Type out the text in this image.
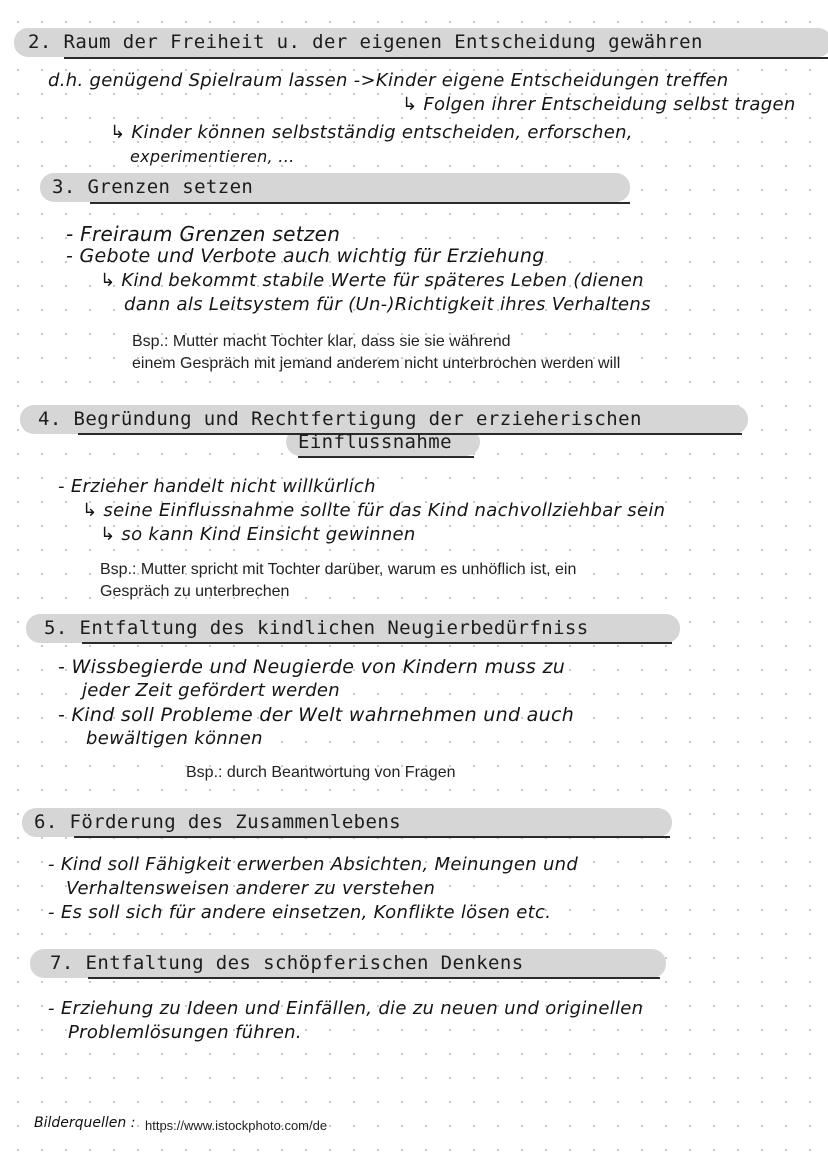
2. Raum der Freiheit u. der eigenen Entscheidung gewähren
d.h. genügend Spielraum lassen ->Kinder eigene Entscheidungen treffen
↳ Folgen ihrer Entscheidung selbst tragen
↳ Kinder können selbstständig entscheiden, erforschen,
experimentieren, ...
3. Grenzen setzen
- Freiraum Grenzen setzen
- Gebote und Verbote auch wichtig für Erziehung
↳ Kind bekommt stabile Werte für späteres Leben (dienen
dann als Leitsystem für (Un-)Richtigkeit ihres Verhaltens
Bsp.: Mutter macht Tochter klar, dass sie sie während
einem Gespräch mit jemand anderem nicht unterbrochen werden will
4. Begründung und Rechtfertigung der erzieherischen
Einflussnahme
- Erzieher handelt nicht willkürlich
↳ seine Einflussnahme sollte für das Kind nachvollziehbar sein
↳ so kann Kind Einsicht gewinnen
Bsp.: Mutter spricht mit Tochter darüber, warum es unhöflich ist, ein
Gespräch zu unterbrechen
5. Entfaltung des kindlichen Neugierbedürfniss
- Wissbegierde und Neugierde von Kindern muss zu
jeder Zeit gefördert werden
- Kind soll Probleme der Welt wahrnehmen und auch
bewältigen können
Bsp.: durch Beantwortung von Fragen
6. Förderung des Zusammenlebens
- Kind soll Fähigkeit erwerben Absichten, Meinungen und
Verhaltensweisen anderer zu verstehen
- Es soll sich für andere einsetzen, Konflikte lösen etc.
7. Entfaltung des schöpferischen Denkens
- Erziehung zu Ideen und Einfällen, die zu neuen und originellen
Problemlösungen führen.
Bilderquellen : https://www.istockphoto.com/de
